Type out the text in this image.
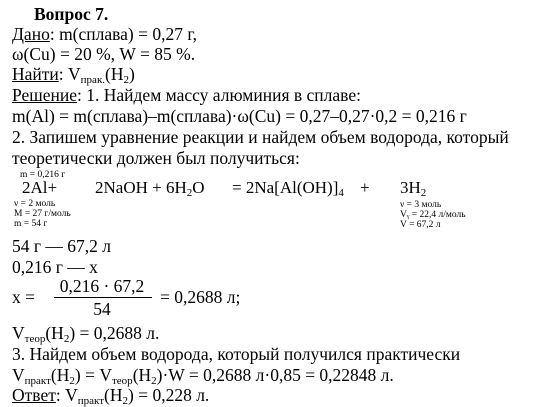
Вопрос 7.
Дано: m(сплава) = 0,27 г,
ω(Cu) = 20 %, W = 85 %.
Найти: Vпрак.(H2)
Решение: 1. Найдем массу алюминия в сплаве:
m(Al) = m(сплава)–m(сплава)·ω(Cu) = 0,27–0,27·0,2 = 0,216 г
2. Запишем уравнение реакции и найдем объем водорода, который
теоретически должен был получиться:
m = 0,216 г
2Al+ 2NaOH + 6H2O = 2Na[Al(OH)]4 + 3H2
ν = 2 моль
M = 27 г/моль
m = 54 г
ν = 3 моль
Vᵧ = 22,4 л/моль
V = 67,2 л
54 г — 67,2 л
0,216 г — х
x =
0,216 · 67,2
54
= 0,2688 л;
Vтеор(H2) = 0,2688 л.
3. Найдем объем водорода, который получился практически
Vпракт(H2) = Vтеор(H2)·W = 0,2688 л·0,85 = 0,22848 л.
Ответ: Vпракт(H2) = 0,228 л.
